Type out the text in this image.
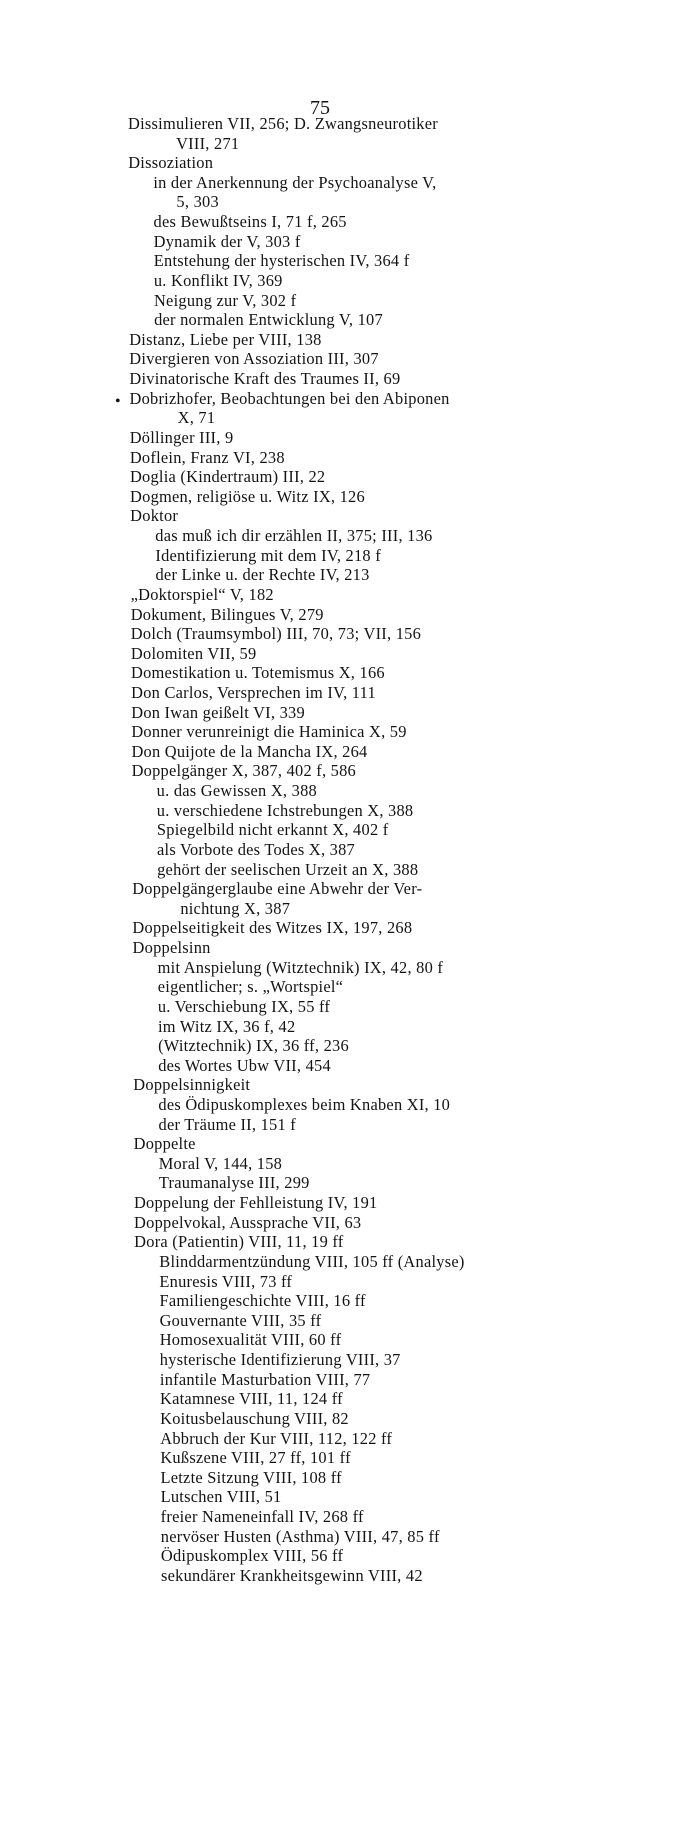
75
•
Dissimulieren VII, 256; D. Zwangsneurotiker
VIII, 271
Dissoziation
in der Anerkennung der Psychoanalyse V,
5, 303
des Bewußtseins I, 71 f, 265
Dynamik der V, 303 f
Entstehung der hysterischen IV, 364 f
u. Konflikt IV, 369
Neigung zur V, 302 f
der normalen Entwicklung V, 107
Distanz, Liebe per VIII, 138
Divergieren von Assoziation III, 307
Divinatorische Kraft des Traumes II, 69
Dobrizhofer, Beobachtungen bei den Abiponen
X, 71
Döllinger III, 9
Doflein, Franz VI, 238
Doglia (Kindertraum) III, 22
Dogmen, religiöse u. Witz IX, 126
Doktor
das muß ich dir erzählen II, 375; III, 136
Identifizierung mit dem IV, 218 f
der Linke u. der Rechte IV, 213
„Doktorspiel“ V, 182
Dokument, Bilingues V, 279
Dolch (Traumsymbol) III, 70, 73; VII, 156
Dolomiten VII, 59
Domestikation u. Totemismus X, 166
Don Carlos, Versprechen im IV, 111
Don Iwan geißelt VI, 339
Donner verunreinigt die Haminica X, 59
Don Quijote de la Mancha IX, 264
Doppelgänger X, 387, 402 f, 586
u. das Gewissen X, 388
u. verschiedene Ichstrebungen X, 388
Spiegelbild nicht erkannt X, 402 f
als Vorbote des Todes X, 387
gehört der seelischen Urzeit an X, 388
Doppelgängerglaube eine Abwehr der Ver-
nichtung X, 387
Doppelseitigkeit des Witzes IX, 197, 268
Doppelsinn
mit Anspielung (Witztechnik) IX, 42, 80 f
eigentlicher; s. „Wortspiel“
u. Verschiebung IX, 55 ff
im Witz IX, 36 f, 42
(Witztechnik) IX, 36 ff, 236
des Wortes Ubw VII, 454
Doppelsinnigkeit
des Ödipuskomplexes beim Knaben XI, 10
der Träume II, 151 f
Doppelte
Moral V, 144, 158
Traumanalyse III, 299
Doppelung der Fehlleistung IV, 191
Doppelvokal, Aussprache VII, 63
Dora (Patientin) VIII, 11, 19 ff
Blinddarmentzündung VIII, 105 ff (Analyse)
Enuresis VIII, 73 ff
Familiengeschichte VIII, 16 ff
Gouvernante VIII, 35 ff
Homosexualität VIII, 60 ff
hysterische Identifizierung VIII, 37
infantile Masturbation VIII, 77
Katamnese VIII, 11, 124 ff
Koitusbelauschung VIII, 82
Abbruch der Kur VIII, 112, 122 ff
Kußszene VIII, 27 ff, 101 ff
Letzte Sitzung VIII, 108 ff
Lutschen VIII, 51
freier Nameneinfall IV, 268 ff
nervöser Husten (Asthma) VIII, 47, 85 ff
Ödipuskomplex VIII, 56 ff
sekundärer Krankheitsgewinn VIII, 42
